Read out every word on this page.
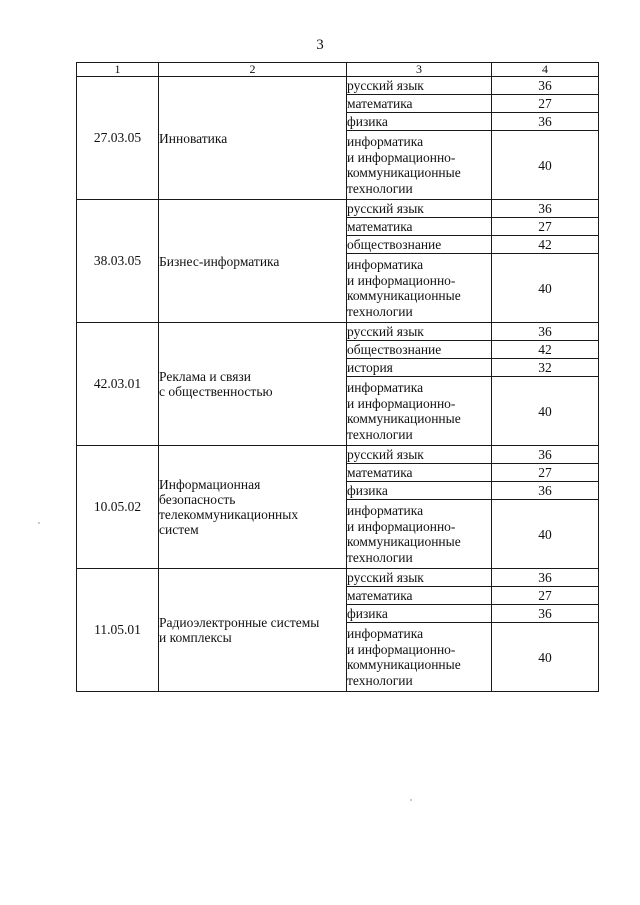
3
1	2	3	4
27.03.05	Инноватика	русский язык	36

		математика	27

		физика	36

		информатика
и информационно-
коммуникационные
технологии	40
38.03.05	Бизнес-информатика	русский язык	36

		математика	27

		обществознание	42

		информатика
и информационно-
коммуникационные
технологии	40
42.03.01	Реклама и связи
с общественностью	русский язык	36

		обществознание	42

		история	32

		информатика
и информационно-
коммуникационные
технологии	40
10.05.02	Информационная
безопасность
телекоммуникационных
систем	русский язык	36

		математика	27

		физика	36

		информатика
и информационно-
коммуникационные
технологии	40
11.05.01	Радиоэлектронные системы
и комплексы	русский язык	36

		математика	27

		физика	36

		информатика
и информационно-
коммуникационные
технологии	40
